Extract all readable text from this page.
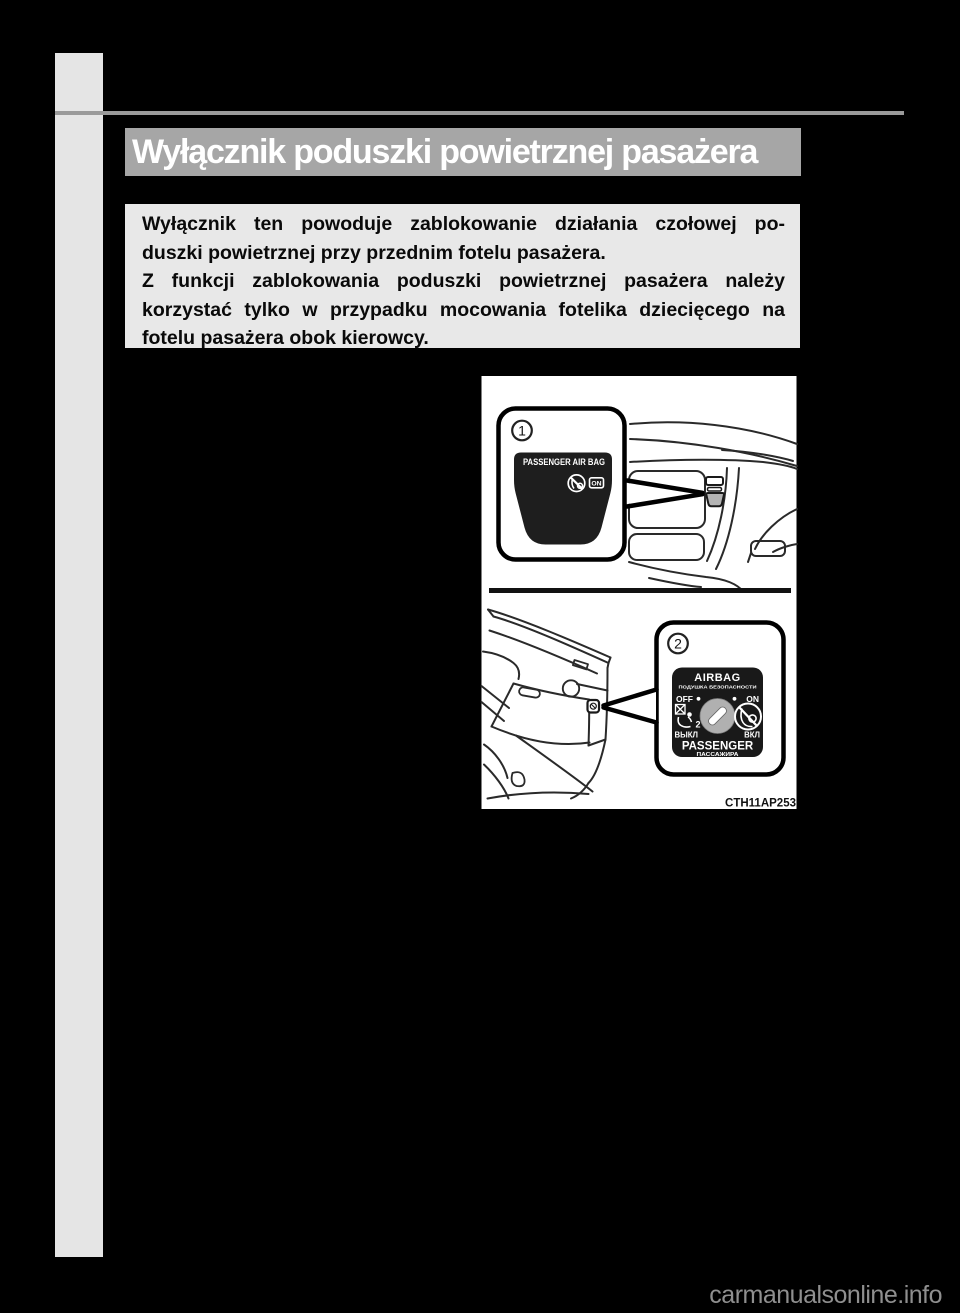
Wyłącznik poduszki powietrznej pasażera
Wyłącznik ten powoduje zablokowanie działania czołowej po-
duszki powietrznej przy przednim fotelu pasażera.
Z funkcji zablokowania poduszki powietrznej pasażera należy
korzystać tylko w przypadku mocowania fotelika dziecięcego na
fotelu pasażera obok kierowcy.
1
PASSENGER AIR BAG
ON
2
AIRBAG
ПОДУШКА БЕЗОПАСНОСТИ
OFF	ON
2
ВЫКЛ	ВКЛ
PASSENGER
ПАССАЖИРА
CTH11AP253
carmanualsonline.info
